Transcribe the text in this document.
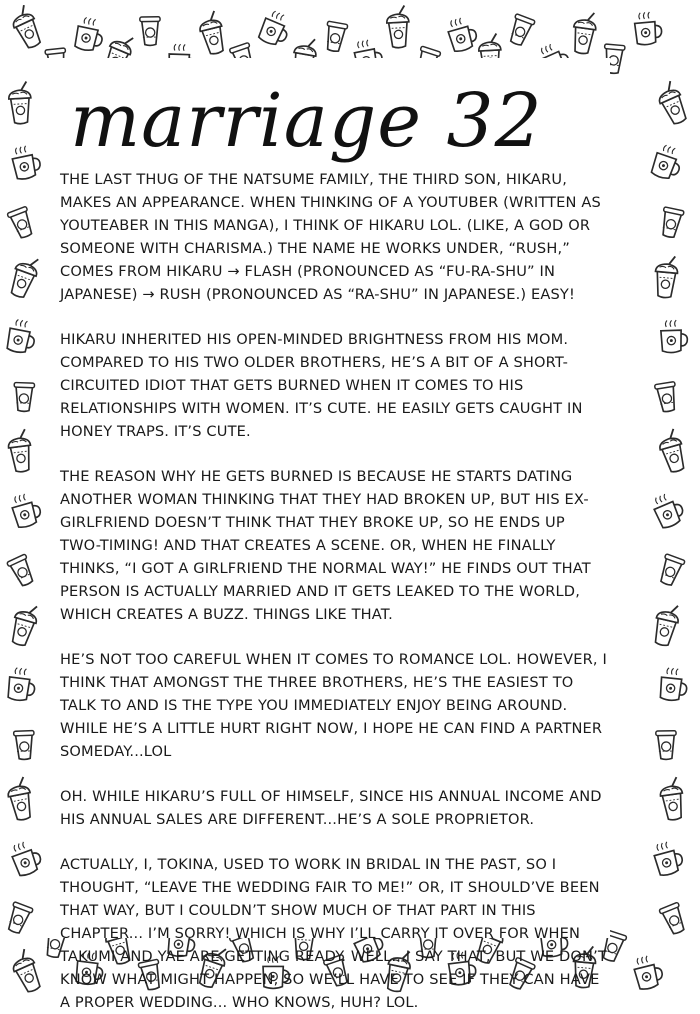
marriage 32

THE LAST THUG OF THE NATSUME FAMILY, THE THIRD SON, HIKARU, MAKES AN APPEARANCE. WHEN THINKING OF A YOUTUBER (WRITTEN AS YOUTEABER IN THIS MANGA), I THINK OF HIKARU LOL. (LIKE, A GOD OR SOMEONE WITH CHARISMA.) THE NAME HE WORKS UNDER, “RUSH,” COMES FROM HIKARU → FLASH (PRONOUNCED AS “FU-RA-SHU” IN JAPANESE) → RUSH (PRONOUNCED AS “RA-SHU” IN JAPANESE.) EASY!

HIKARU INHERITED HIS OPEN-MINDED BRIGHTNESS FROM HIS MOM. COMPARED TO HIS TWO OLDER BROTHERS, HE’S A BIT OF A SHORT-CIRCUITED IDIOT THAT GETS BURNED WHEN IT COMES TO HIS RELATIONSHIPS WITH WOMEN. IT’S CUTE. HE EASILY GETS CAUGHT IN HONEY TRAPS. IT’S CUTE.

THE REASON WHY HE GETS BURNED IS BECAUSE HE STARTS DATING ANOTHER WOMAN THINKING THAT THEY HAD BROKEN UP, BUT HIS EX-GIRLFRIEND DOESN’T THINK THAT THEY BROKE UP, SO HE ENDS UP TWO-TIMING! AND THAT CREATES A SCENE. OR, WHEN HE FINALLY THINKS, “I GOT A GIRLFRIEND THE NORMAL WAY!” HE FINDS OUT THAT PERSON IS ACTUALLY MARRIED AND IT GETS LEAKED TO THE WORLD, WHICH CREATES A BUZZ. THINGS LIKE THAT.

HE’S NOT TOO CAREFUL WHEN IT COMES TO ROMANCE LOL. HOWEVER, I THINK THAT AMONGST THE THREE BROTHERS, HE’S THE EASIEST TO TALK TO AND IS THE TYPE YOU IMMEDIATELY ENJOY BEING AROUND. WHILE HE’S A LITTLE HURT RIGHT NOW, I HOPE HE CAN FIND A PARTNER SOMEDAY...LOL

OH. WHILE HIKARU’S FULL OF HIMSELF, SINCE HIS ANNUAL INCOME AND HIS ANNUAL SALES ARE DIFFERENT...HE’S A SOLE PROPRIETOR.

ACTUALLY, I, TOKINA, USED TO WORK IN BRIDAL IN THE PAST, SO I THOUGHT, “LEAVE THE WEDDING FAIR TO ME!” OR, IT SHOULD’VE BEEN THAT WAY, BUT I COULDN’T SHOW MUCH OF THAT PART IN THIS CHAPTER... I’M SORRY! WHICH IS WHY I’LL CARRY IT OVER FOR WHEN TAKUMI AND YAE ARE GETTING READY. WELL...I SAY THAT, BUT WE DON’T KNOW WHAT MIGHT HAPPEN, SO WE’LL HAVE TO SEE IF THEY CAN HAVE A PROPER WEDDING... WHO KNOWS, HUH? LOL.
